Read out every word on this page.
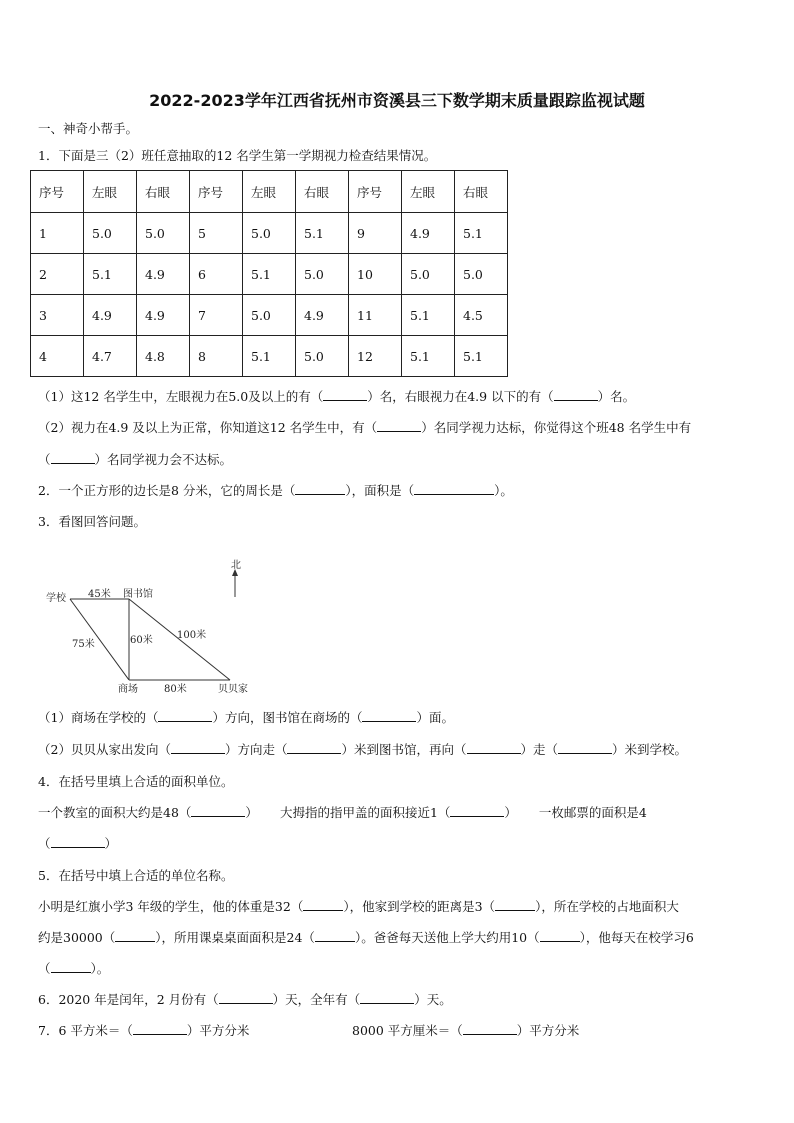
2022-2023学年江西省抚州市资溪县三下数学期末质量跟踪监视试题
一、神奇小帮手。
1．下面是三（2）班任意抽取的12 名学生第一学期视力检查结果情况。
序号	左眼	右眼	序号	左眼	右眼	序号	左眼	右眼
1	5.0	5.0	5	5.0	5.1	9	4.9	5.1
2	5.1	4.9	6	5.1	5.0	10	5.0	5.0
3	4.9	4.9	7	5.0	4.9	11	5.1	4.5
4	4.7	4.8	8	5.1	5.0	12	5.1	5.1
（1）这12 名学生中，左眼视力在5.0及以上的有（	）名，右眼视力在4.9 以下的有（	）名。
（2）视力在4.9 及以上为正常，你知道这12 名学生中，有（	）名同学视力达标，你觉得这个班48 名学生中有
（	）名同学视力会不达标。
2．一个正方形的边长是8 分米，它的周长是（	），面积是（	）。
3．看图回答问题。
北
学校	图书馆
商场	贝贝家
45米
75米	60米 100米
80米
（1）商场在学校的（	）方向，图书馆在商场的（	）面。
（2）贝贝从家出发向（	）方向走（	）米到图书馆，再向（	）走（	）米到学校。
4．在括号里填上合适的面积单位。
一个教室的面积大约是48（	） 大拇指的指甲盖的面积接近1（	） 一枚邮票的面积是4
（	）
5．在括号中填上合适的单位名称。
小明是红旗小学3 年级的学生，他的体重是32（	），他家到学校的距离是3（	），所在学校的占地面积大
约是30000（	），所用课桌桌面面积是24（	）。爸爸每天送他上学大约用10（	），他每天在校学习6
（	）。
6．2020 年是闰年，2 月份有（	）天，全年有（	）天。
7．6 平方米＝（	）平方分米	8000 平方厘米＝（	）平方分米
